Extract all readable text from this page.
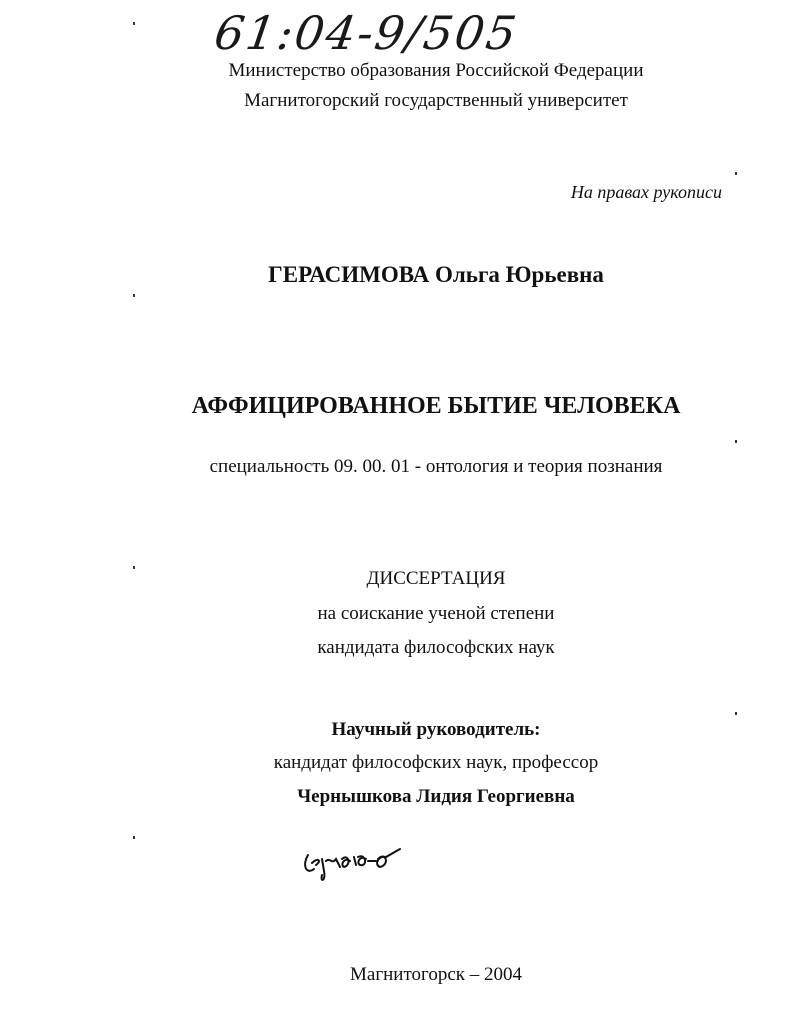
61:04-9/505
Министерство образования Российской Федерации
Магнитогорский государственный университет
На правах рукописи
ГЕРАСИМОВА Ольга Юрьевна
АФФИЦИРОВАННОЕ БЫТИЕ ЧЕЛОВЕКА
специальность 09. 00. 01 - онтология и теория познания
ДИССЕРТАЦИЯ
на соискание ученой степени
кандидата философских наук
Научный руководитель:
кандидат философских наук, профессор
Чернышкова Лидия Георгиевна
Магнитогорск – 2004
